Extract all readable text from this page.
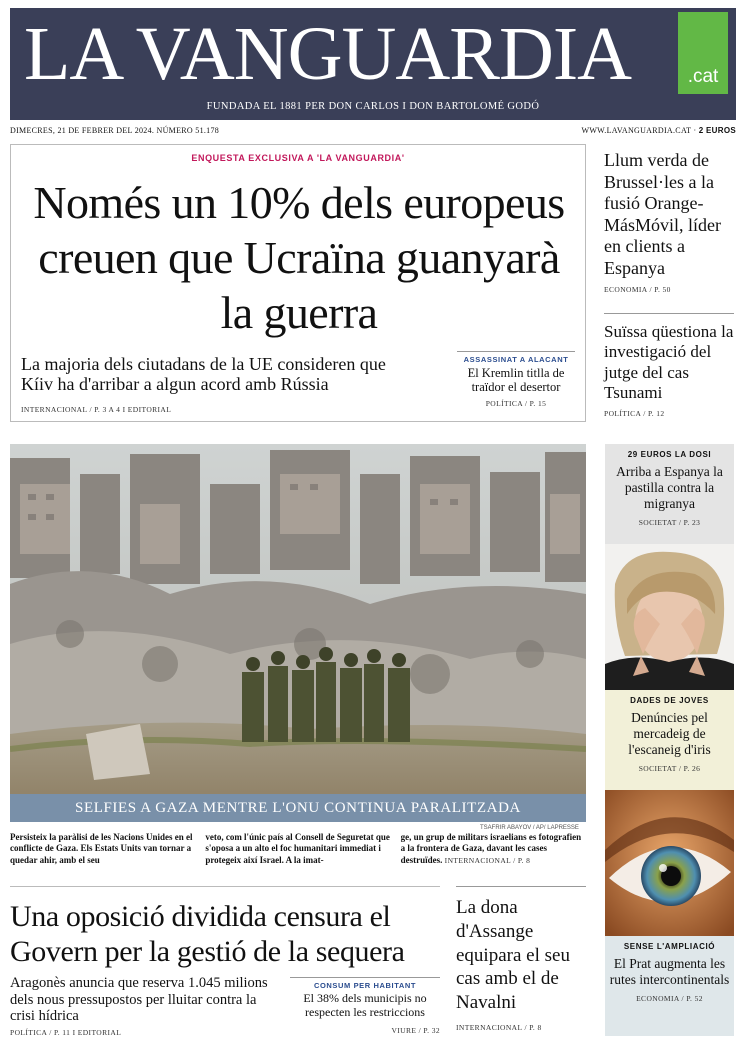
LA VANGUARDIA	.cat
FUNDADA EL 1881 PER DON CARLOS I DON BARTOLOMÉ GODÓ
DIMECRES, 21 DE FEBRER DEL 2024. NÚMERO 51.178	WWW.LAVANGUARDIA.CAT · 2 EUROS
ENQUESTA EXCLUSIVA A 'LA VANGUARDIA'
Només un 10% dels europeus creuen que Ucraïna guanyarà la guerra
La majoria dels ciutadans de la UE consideren que Kíiv ha d'arribar a algun acord amb Rússia
INTERNACIONAL / P. 3 A 4 I EDITORIAL
ASSASSINAT A ALACANT
El Kremlin titlla de traïdor el desertor
POLÍTICA / P. 15
Llum verda de Brussel·les a la fusió Orange-MásMóvil, líder en clients a Espanya
ECONOMIA / P. 50
Suïssa qüestiona la investigació del jutge del cas Tsunami
POLÍTICA / P. 12
29 EUROS LA DOSI
Arriba a Espanya la pastilla contra la migranya
SOCIETAT / P. 23
DADES DE JOVES
Denúncies pel mercadeig de l'escaneig d'iris
SOCIETAT / P. 26
SENSE L'AMPLIACIÓ
El Prat augmenta les rutes intercontinentals
ECONOMIA / P. 52
SELFIES A GAZA MENTRE L'ONU CONTINUA PARALITZADA
TSAFRIR ABAYOV / AP/ LAPRESSE
Persisteix la paràlisi de les Nacions Unides en el conflicte de Gaza. Els Estats Units van tornar a quedar ahir, amb el seu
veto, com l'únic país al Consell de Seguretat que s'oposa a un alto el foc humanitari immediat i protegeix així Israel. A la imat-
ge, un grup de militars israelians es fotografien a la frontera de Gaza, davant les cases destruïdes. INTERNACIONAL / P. 8
Una oposició dividida censura el Govern per la gestió de la sequera
Aragonès anuncia que reserva 1.045 milions dels nous pressupostos per lluitar contra la crisi hídrica
POLÍTICA / P. 11 I EDITORIAL
CONSUM PER HABITANT
El 38% dels municipis no respecten les restriccions
VIURE / P. 32
La dona d'Assange equipara el seu cas amb el de Navalni
INTERNACIONAL / P. 8
